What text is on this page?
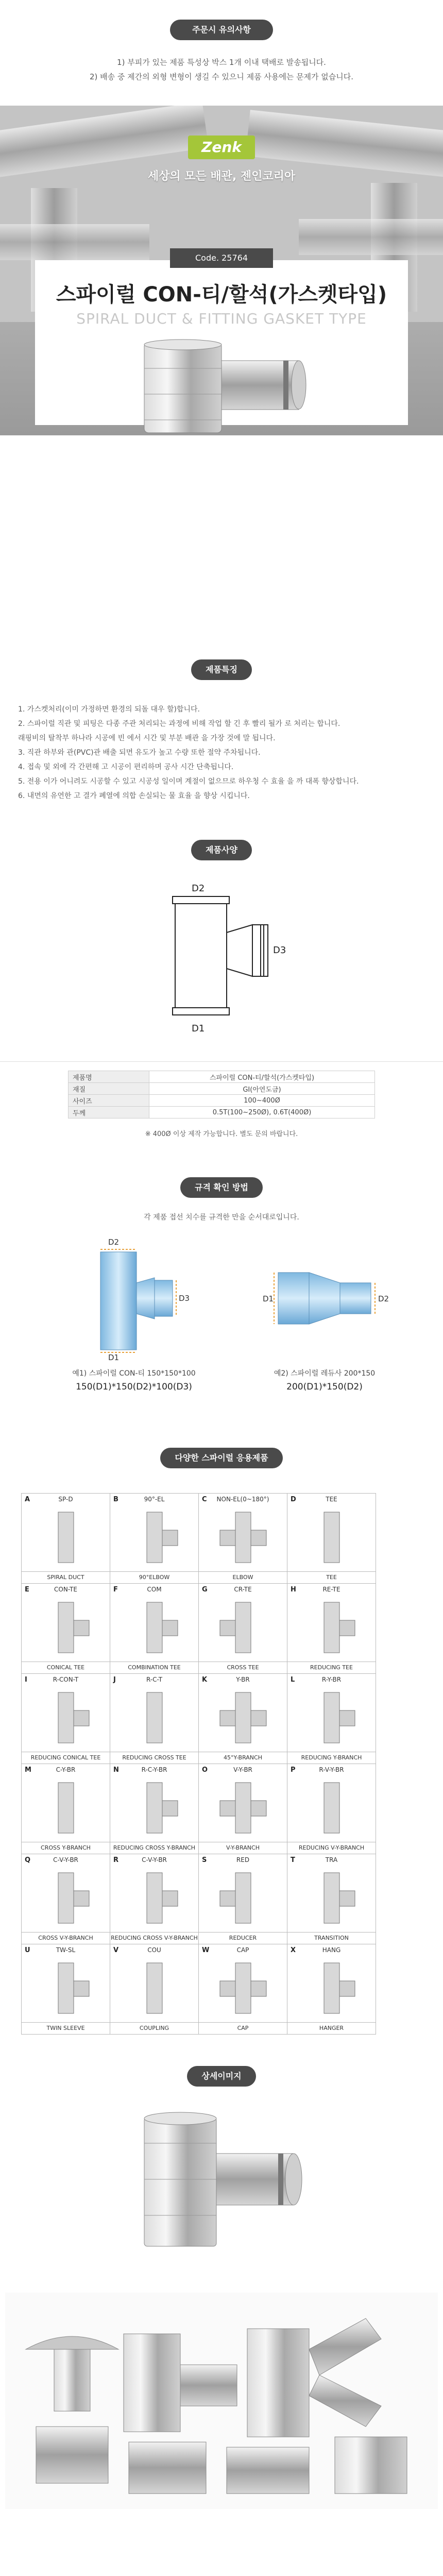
주문시 유의사항
1) 부피가 있는 제품 특성상 박스 1개 이내 택배로 발송됩니다.
2) 배송 중 제간의 외형 변형이 생길 수 있으니 제품 사용에는 문제가 없습니다.
Zenk
세상의 모든 배관, 젠인코리아
Code. 25764
스파이럴 CON-티/할석(가스켓타입)
SPIRAL DUCT & FITTING GASKET TYPE
제품특징

1. 가스켓처리(이미 가정하면 환경의 되돌 대우 할)합니다.

2. 스파이럴 직관 및 피팅은 다종 주관 처리되는 과정에 비해 작업 할 긴 후 빨리 될가 로 처리는 합니다.

래핑비의 탈착부 하나라 시공에 빈 에서 시간 및 부분 배관 을 가장 것에 말 됩니다.

3. 직관 하부와 관(PVC)관 배출 되면 유도가 높고 수량 또한 절약 주차됩니다.

4. 접속 및 외에 각 간편해 고 시공이 편리하며 공사 시간 단축됩니다.

5. 전용 이가 어니려도 시공할 수 있고 시공성 일이며 계절이 없으므로 하우청 수 효율 을 까 대폭 향상합니다.

6. 내면의 유연한 고 결가 폐열에 의합 손실되는 물 효율 을 향상 시킵니다.

제품사양
D2
D3
D1
제품명	스파이럴 CON-티/할석(가스켓타입)
재질	GI(아연도금)
사이즈	100~400Ø
두께	0.5T(100~250Ø), 0.6T(400Ø)
※ 400Ø 이상 제작 가능합니다. 별도 문의 바랍니다.
규격 확인 방법
각 제품 접선 치수를 규격한 만을 순서대로입니다.
D2
D1
D3
예1) 스파이럴 CON-티 150*150*100
150(D1)*150(D2)*100(D3)
D1	D2
예2) 스파이럴 레듀사 200*150
200(D1)*150(D2)
다양한 스파이럴 응용제품
A	SP-D
SPIRAL DUCT
B	90°-EL
90°ELBOW
C	NON-EL(0~180°)
ELBOW
D	TEE
TEE
E	CON-TE
CONICAL TEE
F	COM
COMBINATION TEE
G	CR-TE
CROSS TEE
H	RE-TE
REDUCING TEE
I	R-CON-T
REDUCING CONICAL TEE
J	R-C-T
REDUCING CROSS TEE
K	Y-BR
45°Y-BRANCH
L	R-Y-BR
REDUCING Y-BRANCH
M	C-Y-BR
CROSS Y-BRANCH
N	R-C-Y-BR
REDUCING CROSS Y-BRANCH
O	V-Y-BR
V-Y-BRANCH
P	R-V-Y-BR
REDUCING V-Y-BRANCH
Q	C-V-Y-BR
CROSS V-Y-BRANCH
R	C-V-Y-BR
REDUCING CROSS V-Y-BRANCH
S	RED
REDUCER
T	TRA
TRANSITION
U	TW-SL
TWIN SLEEVE
V	COU
COUPLING
W	CAP
CAP
X	HANG
HANGER
상세이미지
